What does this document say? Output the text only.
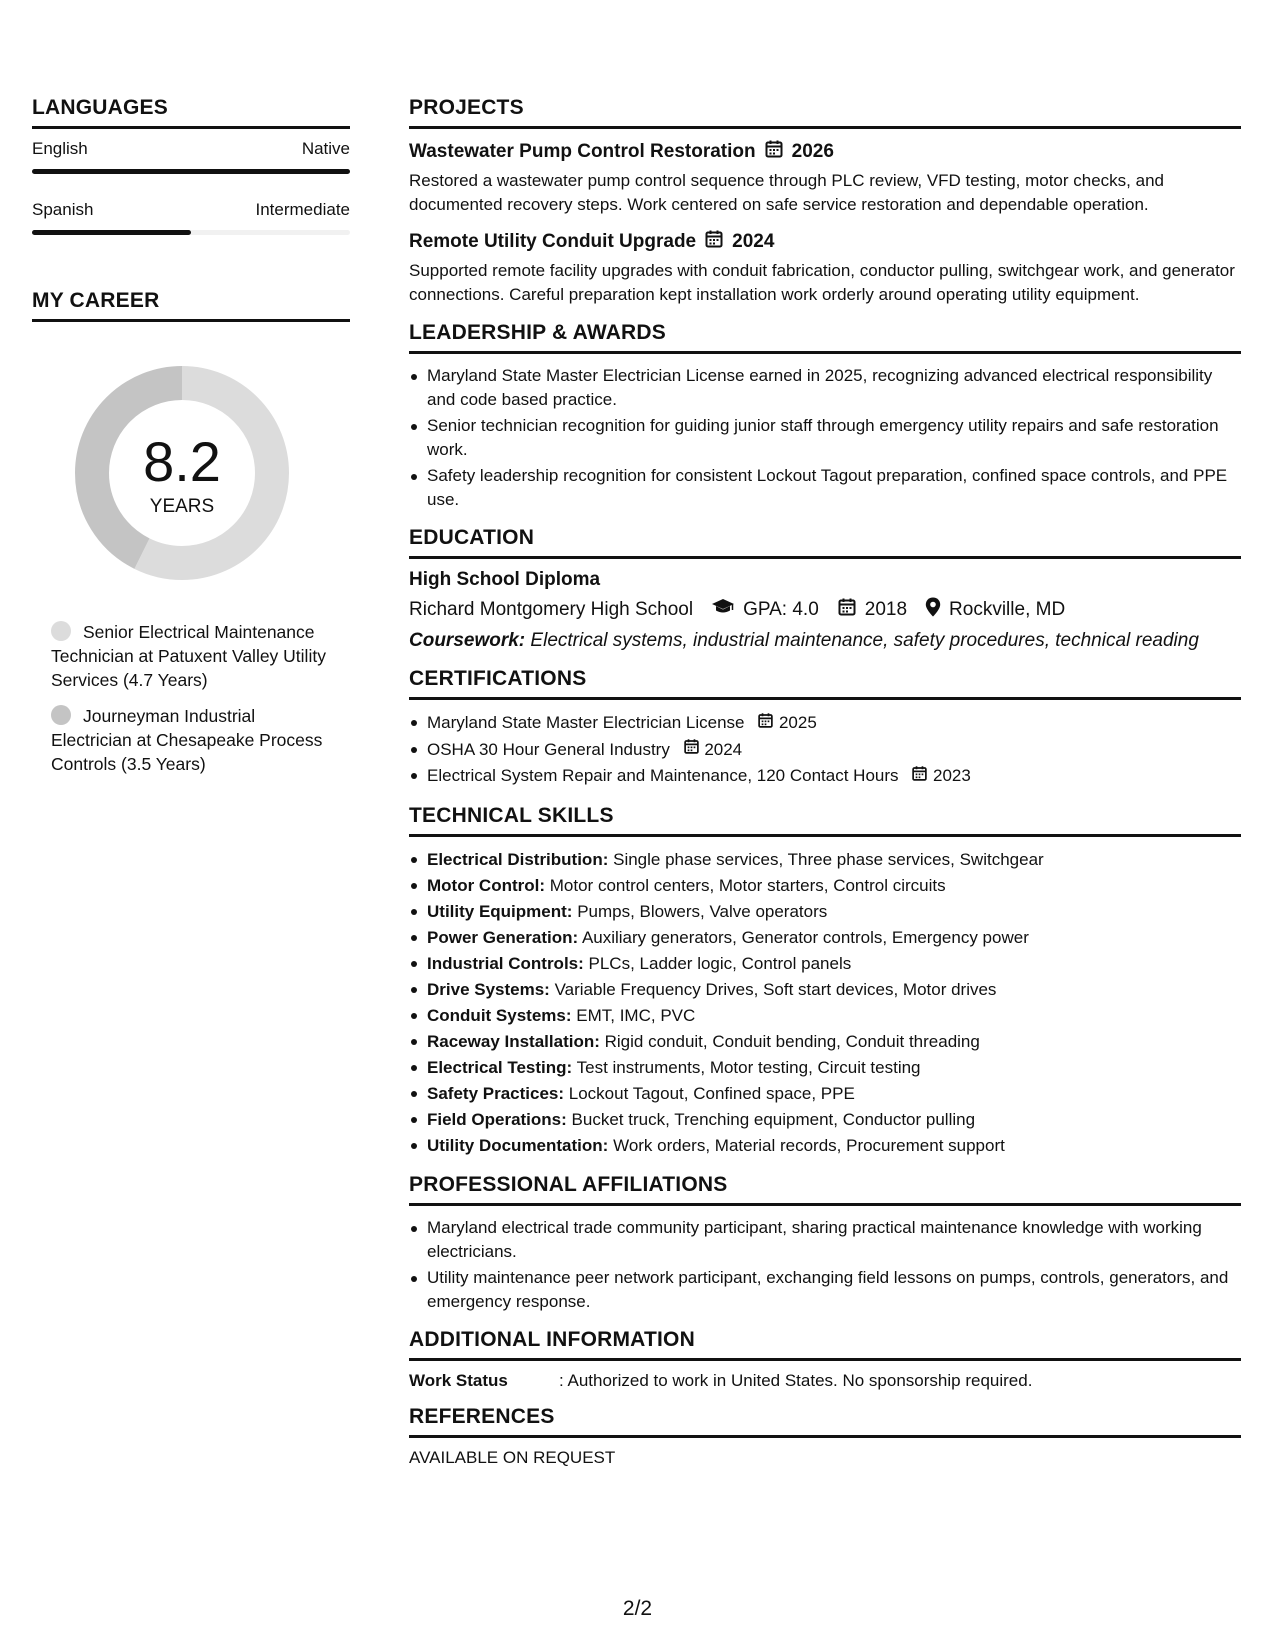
LANGUAGES
English	Native
Spanish	Intermediate
MY CAREER
8.2
YEARS
Senior Electrical Maintenance Technician at Patuxent Valley Utility Services (4.7 Years)
Journeyman Industrial Electrician at Chesapeake Process Controls (3.5 Years)
PROJECTS
Wastewater Pump Control Restoration 2026
Restored a wastewater pump control sequence through PLC review, VFD testing, motor checks, and documented recovery steps. Work centered on safe service restoration and dependable operation.
Remote Utility Conduit Upgrade 2024
Supported remote facility upgrades with conduit fabrication, conductor pulling, switchgear work, and generator connections. Careful preparation kept installation work orderly around operating utility equipment.
LEADERSHIP & AWARDS
Maryland State Master Electrician License earned in 2025, recognizing advanced electrical responsibility and code based practice.
Senior technician recognition for guiding junior staff through emergency utility repairs and safe restoration work.
Safety leadership recognition for consistent Lockout Tagout preparation, confined space controls, and PPE use.
EDUCATION
High School Diploma
Richard Montgomery High School	GPA: 4.0 2018 Rockville, MD
Coursework: Electrical systems, industrial maintenance, safety procedures, technical reading
CERTIFICATIONS
Maryland State Master Electrician License 2025
OSHA 30 Hour General Industry 2024
Electrical System Repair and Maintenance, 120 Contact Hours 2023
TECHNICAL SKILLS
Electrical Distribution: Single phase services, Three phase services, Switchgear
Motor Control: Motor control centers, Motor starters, Control circuits
Utility Equipment: Pumps, Blowers, Valve operators
Power Generation: Auxiliary generators, Generator controls, Emergency power
Industrial Controls: PLCs, Ladder logic, Control panels
Drive Systems: Variable Frequency Drives, Soft start devices, Motor drives
Conduit Systems: EMT, IMC, PVC
Raceway Installation: Rigid conduit, Conduit bending, Conduit threading
Electrical Testing: Test instruments, Motor testing, Circuit testing
Safety Practices: Lockout Tagout, Confined space, PPE
Field Operations: Bucket truck, Trenching equipment, Conductor pulling
Utility Documentation: Work orders, Material records, Procurement support
PROFESSIONAL AFFILIATIONS
Maryland electrical trade community participant, sharing practical maintenance knowledge with working electricians.
Utility maintenance peer network participant, exchanging field lessons on pumps, controls, generators, and emergency response.
ADDITIONAL INFORMATION
Work Status	: Authorized to work in United States. No sponsorship required.
REFERENCES
AVAILABLE ON REQUEST
2/2
